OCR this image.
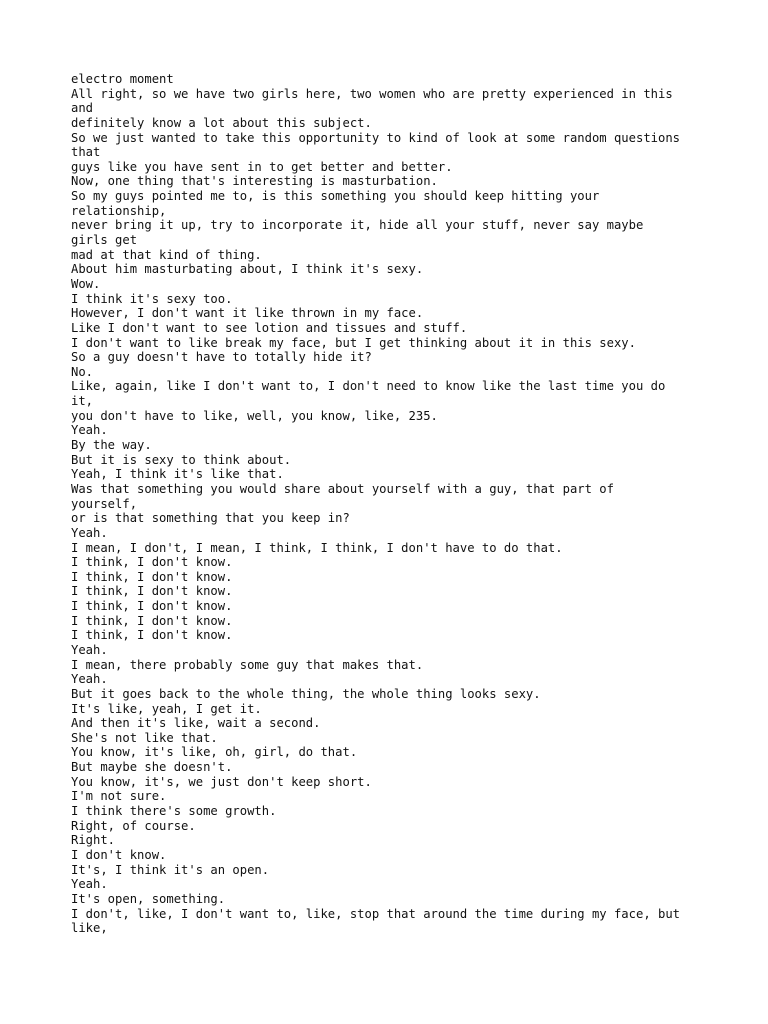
electro moment
All right, so we have two girls here, two women who are pretty experienced in this
and
definitely know a lot about this subject.
So we just wanted to take this opportunity to kind of look at some random questions
that
guys like you have sent in to get better and better.
Now, one thing that's interesting is masturbation.
So my guys pointed me to, is this something you should keep hitting your
relationship,
never bring it up, try to incorporate it, hide all your stuff, never say maybe
girls get
mad at that kind of thing.
About him masturbating about, I think it's sexy.
Wow.
I think it's sexy too.
However, I don't want it like thrown in my face.
Like I don't want to see lotion and tissues and stuff.
I don't want to like break my face, but I get thinking about it in this sexy.
So a guy doesn't have to totally hide it?
No.
Like, again, like I don't want to, I don't need to know like the last time you do
it,
you don't have to like, well, you know, like, 235.
Yeah.
By the way.
But it is sexy to think about.
Yeah, I think it's like that.
Was that something you would share about yourself with a guy, that part of
yourself,
or is that something that you keep in?
Yeah.
I mean, I don't, I mean, I think, I think, I don't have to do that.
I think, I don't know.
I think, I don't know.
I think, I don't know.
I think, I don't know.
I think, I don't know.
I think, I don't know.
Yeah.
I mean, there probably some guy that makes that.
Yeah.
But it goes back to the whole thing, the whole thing looks sexy.
It's like, yeah, I get it.
And then it's like, wait a second.
She's not like that.
You know, it's like, oh, girl, do that.
But maybe she doesn't.
You know, it's, we just don't keep short.
I'm not sure.
I think there's some growth.
Right, of course.
Right.
I don't know.
It's, I think it's an open.
Yeah.
It's open, something.
I don't, like, I don't want to, like, stop that around the time during my face, but
like,
